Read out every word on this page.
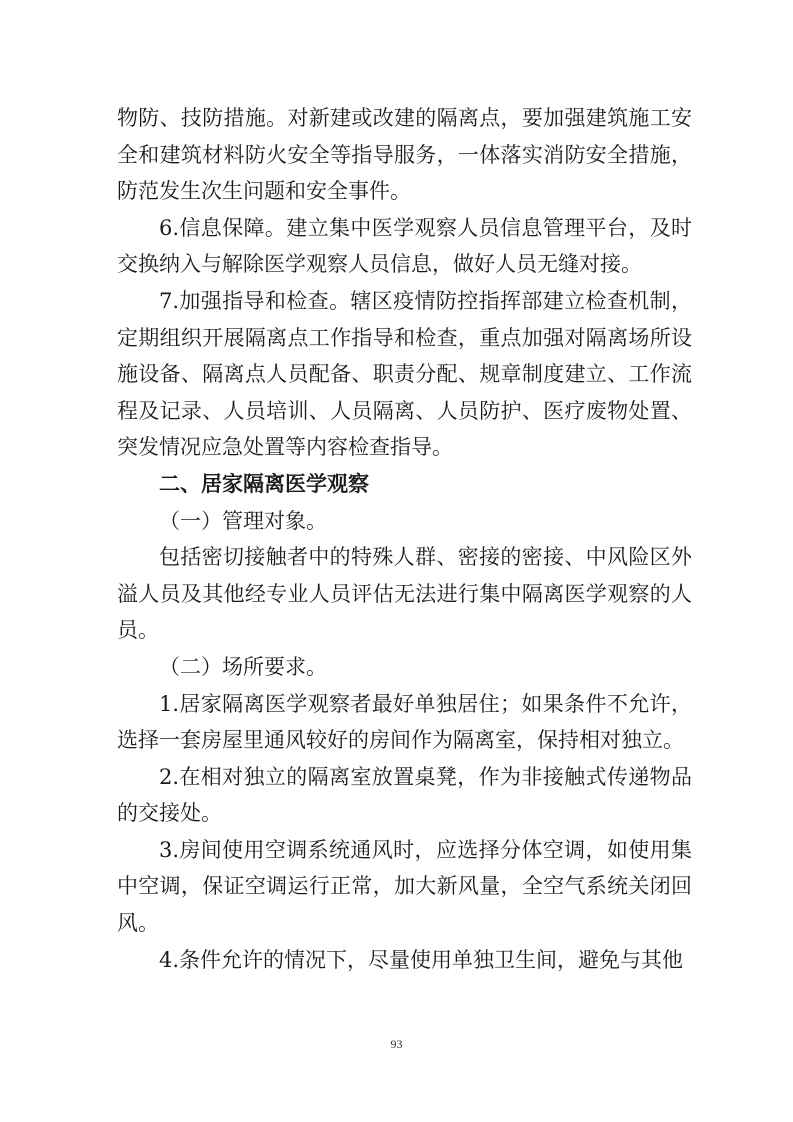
物防、技防措施。对新建或改建的隔离点，要加强建筑施工安全和建筑材料防火安全等指导服务，一体落实消防安全措施，防范发生次生问题和安全事件。

6.信息保障。建立集中医学观察人员信息管理平台，及时交换纳入与解除医学观察人员信息，做好人员无缝对接。

7.加强指导和检查。辖区疫情防控指挥部建立检查机制，定期组织开展隔离点工作指导和检查，重点加强对隔离场所设施设备、隔离点人员配备、职责分配、规章制度建立、工作流程及记录、人员培训、人员隔离、人员防护、医疗废物处置、突发情况应急处置等内容检查指导。

二、居家隔离医学观察

（一）管理对象。

包括密切接触者中的特殊人群、密接的密接、中风险区外溢人员及其他经专业人员评估无法进行集中隔离医学观察的人员。

（二）场所要求。

1.居家隔离医学观察者最好单独居住；如果条件不允许，选择一套房屋里通风较好的房间作为隔离室，保持相对独立。

2.在相对独立的隔离室放置桌凳，作为非接触式传递物品的交接处。

3.房间使用空调系统通风时，应选择分体空调，如使用集中空调，保证空调运行正常，加大新风量，全空气系统关闭回风。

4.条件允许的情况下，尽量使用单独卫生间，避免与其他

93
